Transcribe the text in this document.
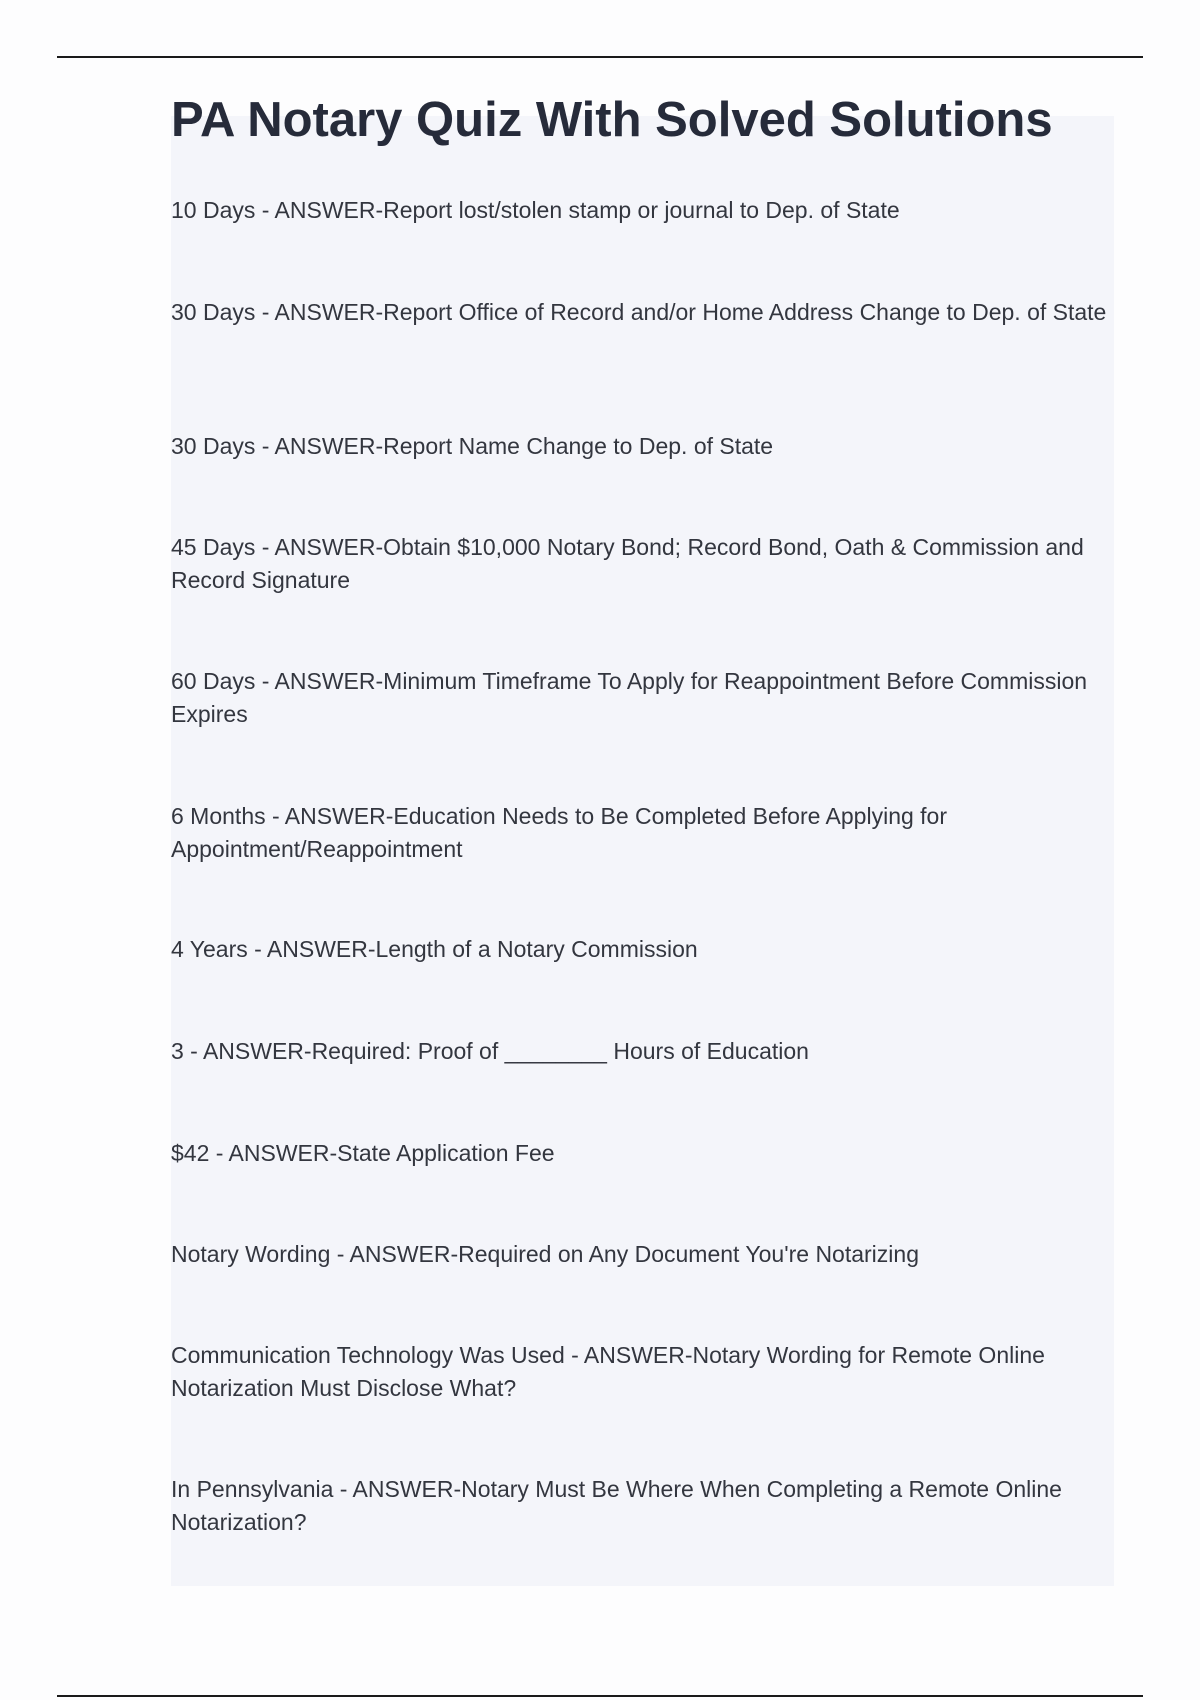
PA Notary Quiz With Solved Solutions
10 Days - ANSWER-Report lost/stolen stamp or journal to Dep. of State
30 Days - ANSWER-Report Office of Record and/or Home Address Change to Dep. of State
30 Days - ANSWER-Report Name Change to Dep. of State
45 Days - ANSWER-Obtain $10,000 Notary Bond; Record Bond, Oath & Commission and Record Signature
60 Days - ANSWER-Minimum Timeframe To Apply for Reappointment Before Commission Expires
6 Months - ANSWER-Education Needs to Be Completed Before Applying for Appointment/Reappointment
4 Years - ANSWER-Length of a Notary Commission
3 - ANSWER-Required: Proof of ________ Hours of Education
$42 - ANSWER-State Application Fee
Notary Wording - ANSWER-Required on Any Document You're Notarizing
Communication Technology Was Used - ANSWER-Notary Wording for Remote Online Notarization Must Disclose What?
In Pennsylvania - ANSWER-Notary Must Be Where When Completing a Remote Online Notarization?
